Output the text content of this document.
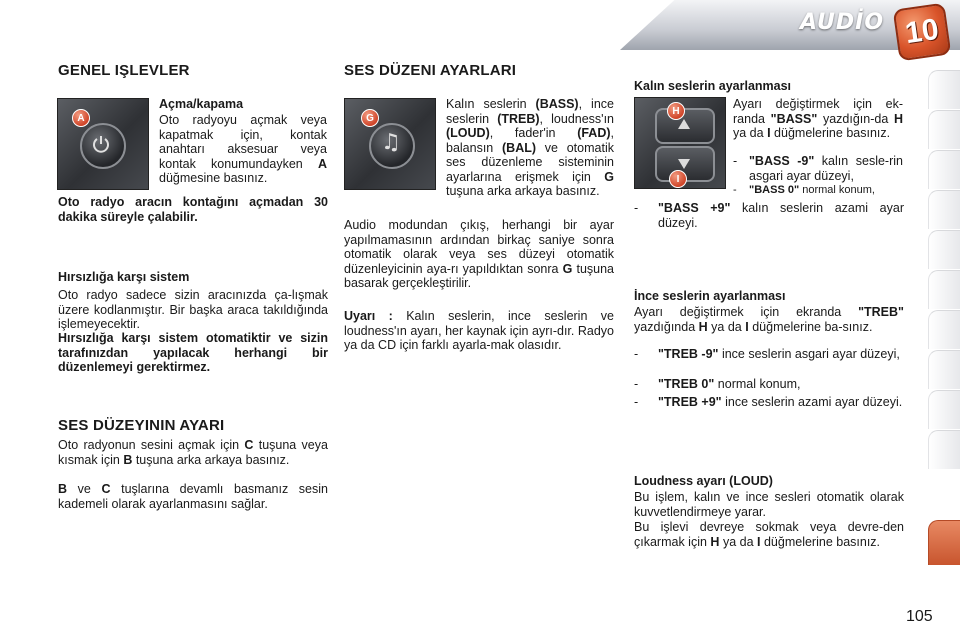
AUDİO 10
GENEL IŞLEVLER
A
Açma/kapama

Oto radyoyu açmak veya kapatmak için, kontak anahtarı aksesuar veya kontak konumundayken A düğmesine basınız.

Oto radyo aracın kontağını açmadan 30 dakika süreyle çalabilir.

Hırsızlığa karşı sistem

Oto radyo sadece sizin aracınızda ça-lışmak üzere kodlanmıştır. Bir başka araca takıldığında işlemeyecektir.

Hırsızlığa karşı sistem otomatiktir ve sizin tarafınızdan yapılacak herhangi bir düzenlemeyi gerektirmez.

SES DÜZEYININ AYARI

Oto radyonun sesini açmak için C tuşuna veya kısmak için B tuşuna arka arkaya basınız.

B ve C tuşlarına devamlı basmanız sesin kademeli olarak ayarlanmasını sağlar.

SES DÜZENI AYARLARI
♫
G

Kalın seslerin (BASS), ince seslerin (TREB), loudness'ın (LOUD), fader'in (FAD), balansın (BAL) ve otomatik ses düzenleme sisteminin ayarlarına erişmek için G tuşuna arka arkaya basınız.

Audio modundan çıkış, herhangi bir ayar yapılmamasının ardından birkaç saniye sonra otomatik olarak veya ses düzeyi otomatik düzenleyicinin aya-rı yapıldıktan sonra G tuşuna basarak gerçekleştirilir.

Uyarı : Kalın seslerin, ince seslerin ve loudness'ın ayarı, her kaynak için ayrı-dır. Radyo ya da CD için farklı ayarla-mak olasıdır.

Kalın seslerin ayarlanması
H
I

Ayarı değiştirmek için ek-randa "BASS" yazdığın-da H ya da I düğmelerine basınız.

- "BASS -9" kalın sesle-rin asgari ayar düzeyi,
-	"BASS 0" normal konum,
-	"BASS +9" kalın seslerin azami ayar düzeyi.
İnce seslerin ayarlanması

Ayarı değiştirmek için ekranda "TREB" yazdığında H ya da I düğmelerine ba-sınız.

-	"TREB -9" ince seslerin asgari ayar düzeyi,
-	"TREB 0" normal konum,
-	"TREB +9" ince seslerin azami ayar düzeyi.
Loudness ayarı (LOUD)

Bu işlem, kalın ve ince sesleri otomatik olarak kuvvetlendirmeye yarar.

Bu işlevi devreye sokmak veya devre-den çıkarmak için H ya da I düğmelerine basınız.

105
